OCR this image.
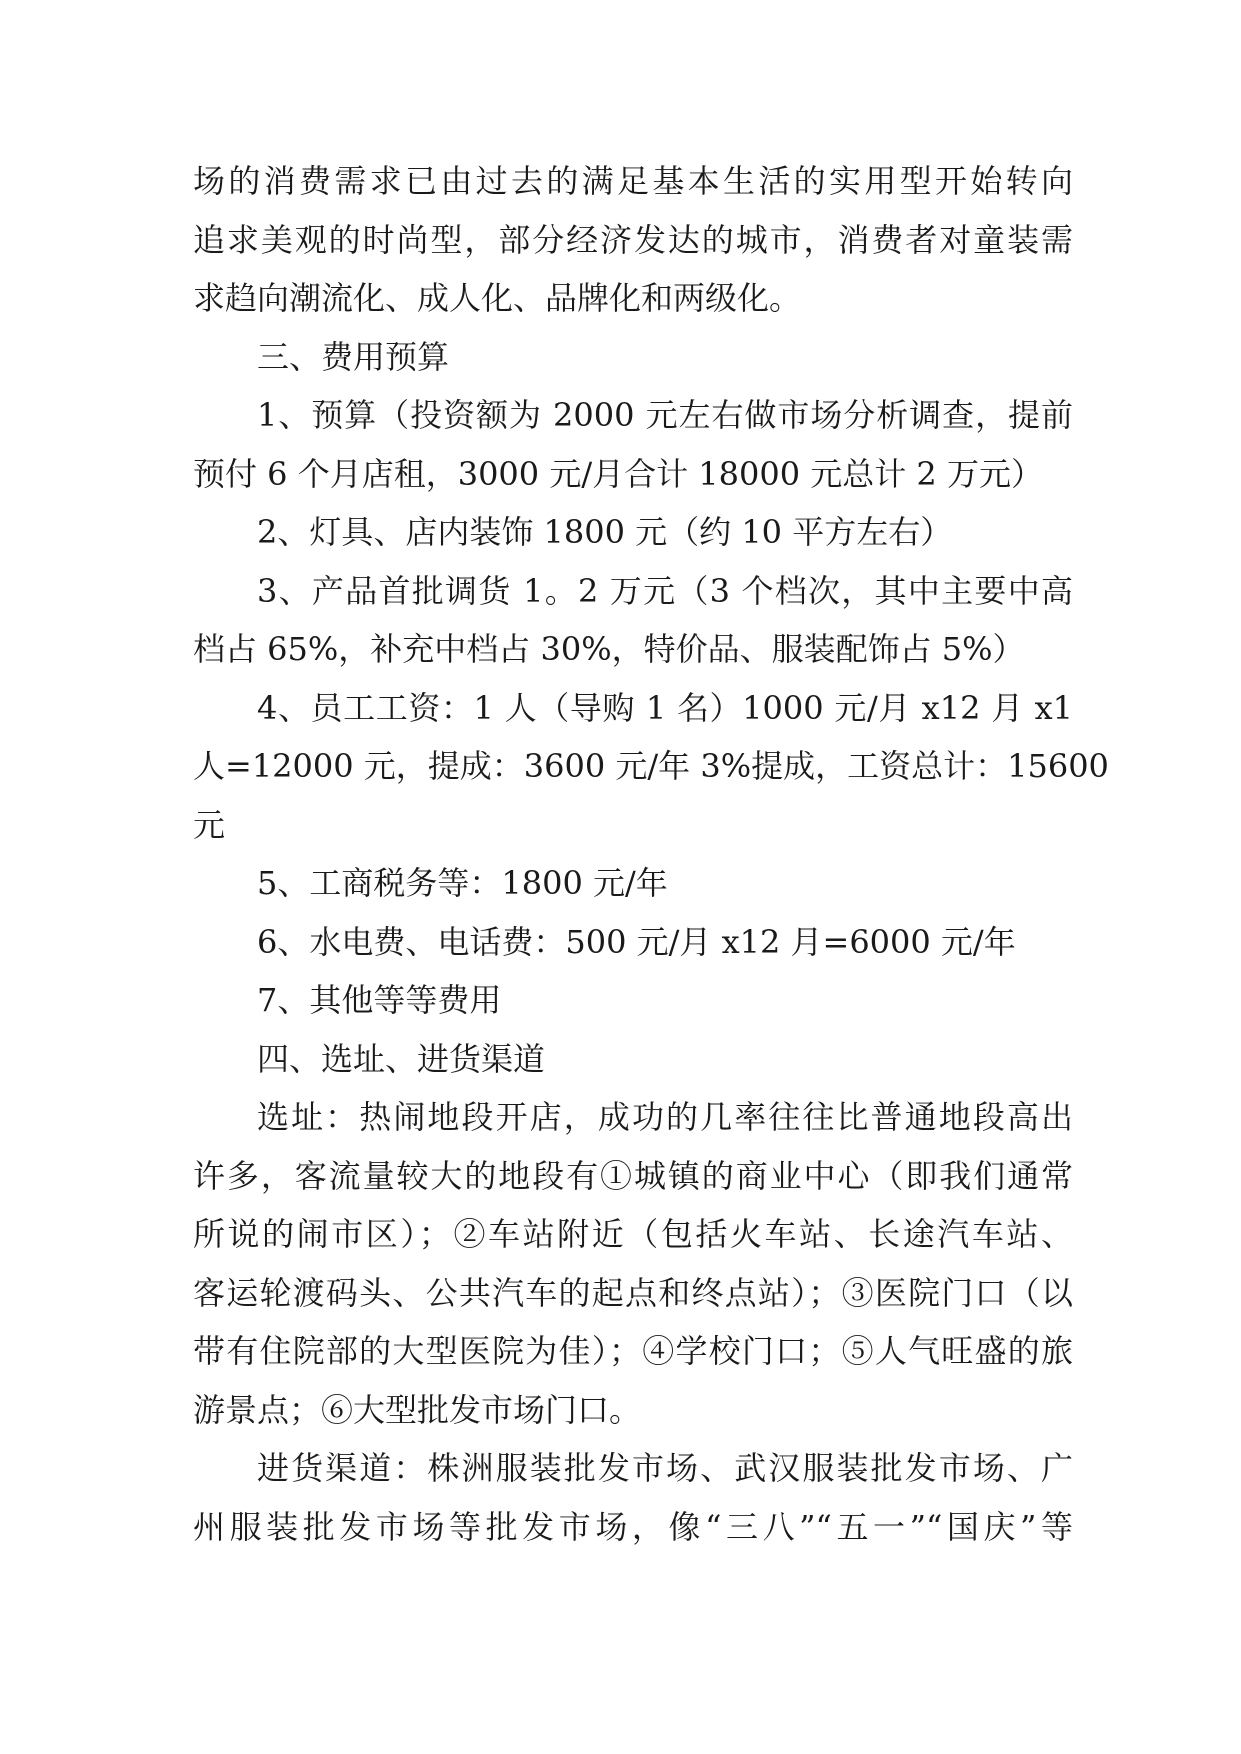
场的消费需求已由过去的满足基本生活的实用型开始转向
追求美观的时尚型，部分经济发达的城市，消费者对童装需
求趋向潮流化、成人化、品牌化和两级化。
三、费用预算
1、预算（投资额为 2000 元左右做市场分析调查，提前
预付 6 个月店租，3000 元/月合计 18000 元总计 2 万元）
2、灯具、店内装饰 1800 元（约 10 平方左右）
3、产品首批调货 1。2 万元（3 个档次，其中主要中高
档占 65%，补充中档占 30%，特价品、服装配饰占 5%）
4、员工工资：1 人（导购 1 名）1000 元/月 x12 月 x1
人=12000 元，提成：3600 元/年 3%提成，工资总计：15600
元
5、工商税务等：1800 元/年
6、水电费、电话费：500 元/月 x12 月=6000 元/年
7、其他等等费用
四、选址、进货渠道
选址：热闹地段开店，成功的几率往往比普通地段高出
许多，客流量较大的地段有①城镇的商业中心（即我们通常
所说的闹市区）；②车站附近（包括火车站、长途汽车站、
客运轮渡码头、公共汽车的起点和终点站）；③医院门口（以
带有住院部的大型医院为佳）；④学校门口；⑤人气旺盛的旅
游景点；⑥大型批发市场门口。
进货渠道：株洲服装批发市场、武汉服装批发市场、广
州服装批发市场等批发市场，像“三八”“五一”“国庆”等
